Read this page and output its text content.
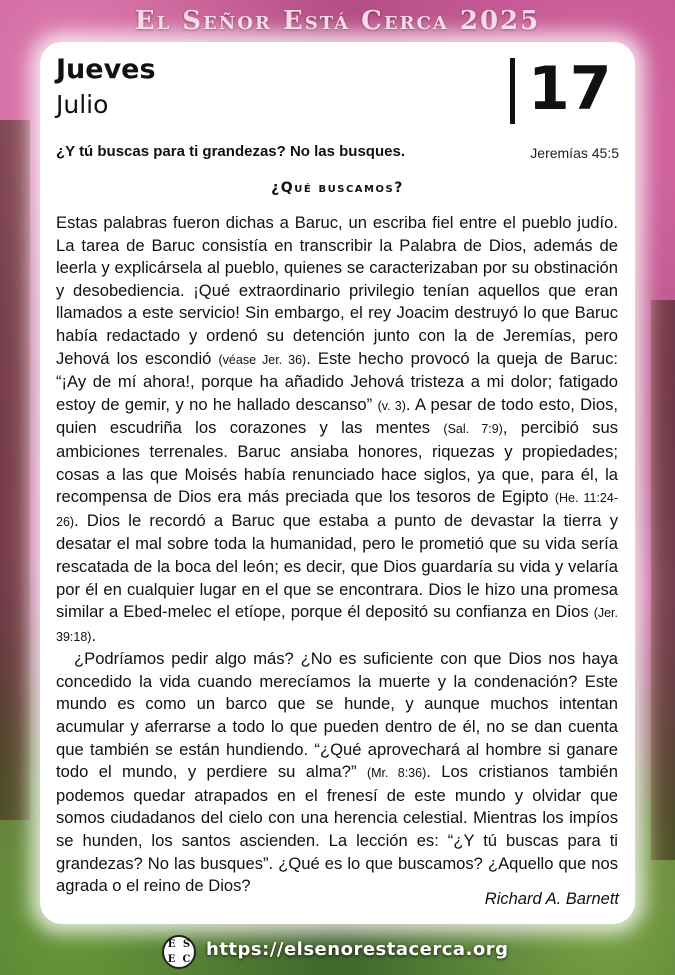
El Señor Está Cerca 2025
Jueves
Julio	17
¿Y tú buscas para ti grandezas? No las busques.	Jeremías 45:5
¿Qué buscamos?

Estas palabras fueron dichas a Baruc, un escriba fiel entre el pueblo judío. La tarea de Baruc consistía en transcribir la Palabra de Dios, además de leerla y explicársela al pueblo, quienes se caracterizaban por su obstinación y desobediencia. ¡Qué extraordinario privilegio tenían aquellos que eran llamados a este servicio! Sin embargo, el rey Joacim destruyó lo que Baruc había redactado y ordenó su detención junto con la de Jeremías, pero Jehová los escondió (véase Jer. 36). Este hecho provocó la queja de Baruc: “¡Ay de mí ahora!, porque ha añadido Jehová tristeza a mi dolor; fatigado estoy de gemir, y no he hallado descanso” (v. 3). A pesar de todo esto, Dios, quien escudriña los corazones y las mentes (Sal. 7:9), percibió sus ambiciones terrenales. Baruc ansiaba honores, riquezas y propiedades; cosas a las que Moisés había renunciado hace siglos, ya que, para él, la recompensa de Dios era más preciada que los tesoros de Egipto (He. 11:24-26). Dios le recordó a Baruc que estaba a punto de devastar la tierra y desatar el mal sobre toda la humanidad, pero le prometió que su vida sería rescatada de la boca del león; es decir, que Dios guardaría su vida y velaría por él en cualquier lugar en el que se encontrara. Dios le hizo una promesa similar a Ebed-melec el etíope, porque él depositó su confianza en Dios (Jer. 39:18).

¿Podríamos pedir algo más? ¿No es suficiente con que Dios nos haya concedido la vida cuando merecíamos la muerte y la condenación? Este mundo es como un barco que se hunde, y aunque muchos intentan acumular y aferrarse a todo lo que pueden dentro de él, no se dan cuenta que también se están hundiendo. “¿Qué aprovechará al hombre si ganare todo el mundo, y perdiere su alma?” (Mr. 8:36). Los cristianos también podemos quedar atrapados en el frenesí de este mundo y olvidar que somos ciudadanos del cielo con una herencia celestial. Mientras los impíos se hunden, los santos ascienden. La lección es: “¿Y tú buscas para ti grandezas? No las busques”. ¿Qué es lo que buscamos? ¿Aquello que nos agrada o el reino de Dios?

Richard A. Barnett
E S
E C https://elsenorestacerca.org
